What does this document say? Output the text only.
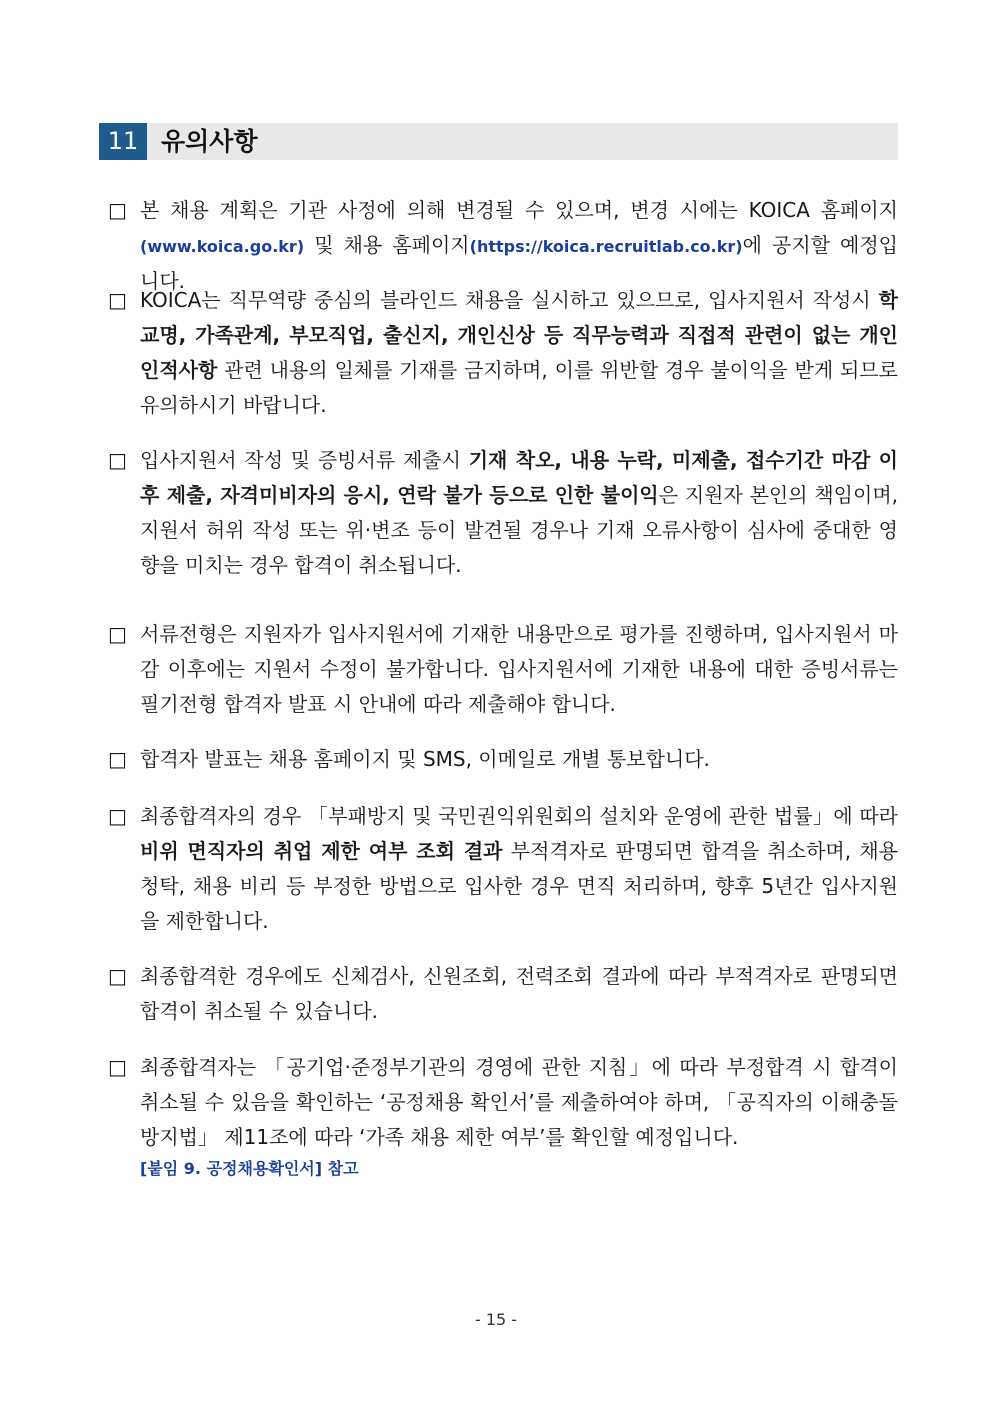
11 유의사항
□ 본 채용 계획은 기관 사정에 의해 변경될 수 있으며, 변경 시에는 KOICA 홈페이지 (www.koica.go.kr) 및 채용 홈페이지(https://koica.recruitlab.co.kr)에 공지할 예정입니다.
□ KOICA는 직무역량 중심의 블라인드 채용을 실시하고 있으므로, 입사지원서 작성시 학교명, 가족관계, 부모직업, 출신지, 개인신상 등 직무능력과 직접적 관련이 없는 개인 인적사항 관련 내용의 일체를 기재를 금지하며, 이를 위반할 경우 불이익을 받게 되므로 유의하시기 바랍니다.
□ 입사지원서 작성 및 증빙서류 제출시 기재 착오, 내용 누락, 미제출, 접수기간 마감 이후 제출, 자격미비자의 응시, 연락 불가 등으로 인한 불이익은 지원자 본인의 책임이며, 지원서 허위 작성 또는 위·변조 등이 발견될 경우나 기재 오류사항이 심사에 중대한 영향을 미치는 경우 합격이 취소됩니다.
□ 서류전형은 지원자가 입사지원서에 기재한 내용만으로 평가를 진행하며, 입사지원서 마감 이후에는 지원서 수정이 불가합니다. 입사지원서에 기재한 내용에 대한 증빙서류는 필기전형 합격자 발표 시 안내에 따라 제출해야 합니다.
□ 합격자 발표는 채용 홈페이지 및 SMS, 이메일로 개별 통보합니다.
□ 최종합격자의 경우 「부패방지 및 국민권익위원회의 설치와 운영에 관한 법률」에 따라 비위 면직자의 취업 제한 여부 조회 결과 부적격자로 판명되면 합격을 취소하며, 채용 청탁, 채용 비리 등 부정한 방법으로 입사한 경우 면직 처리하며, 향후 5년간 입사지원을 제한합니다.
□ 최종합격한 경우에도 신체검사, 신원조회, 전력조회 결과에 따라 부적격자로 판명되면 합격이 취소될 수 있습니다.
□ 최종합격자는 「공기업·준정부기관의 경영에 관한 지침」에 따라 부정합격 시 합격이 취소될 수 있음을 확인하는 ‘공정채용 확인서’를 제출하여야 하며, 「공직자의 이해충돌방지법」 제11조에 따라 ‘가족 채용 제한 여부’를 확인할 예정입니다.
[붙임 9. 공정채용확인서] 참고
- 15 -
